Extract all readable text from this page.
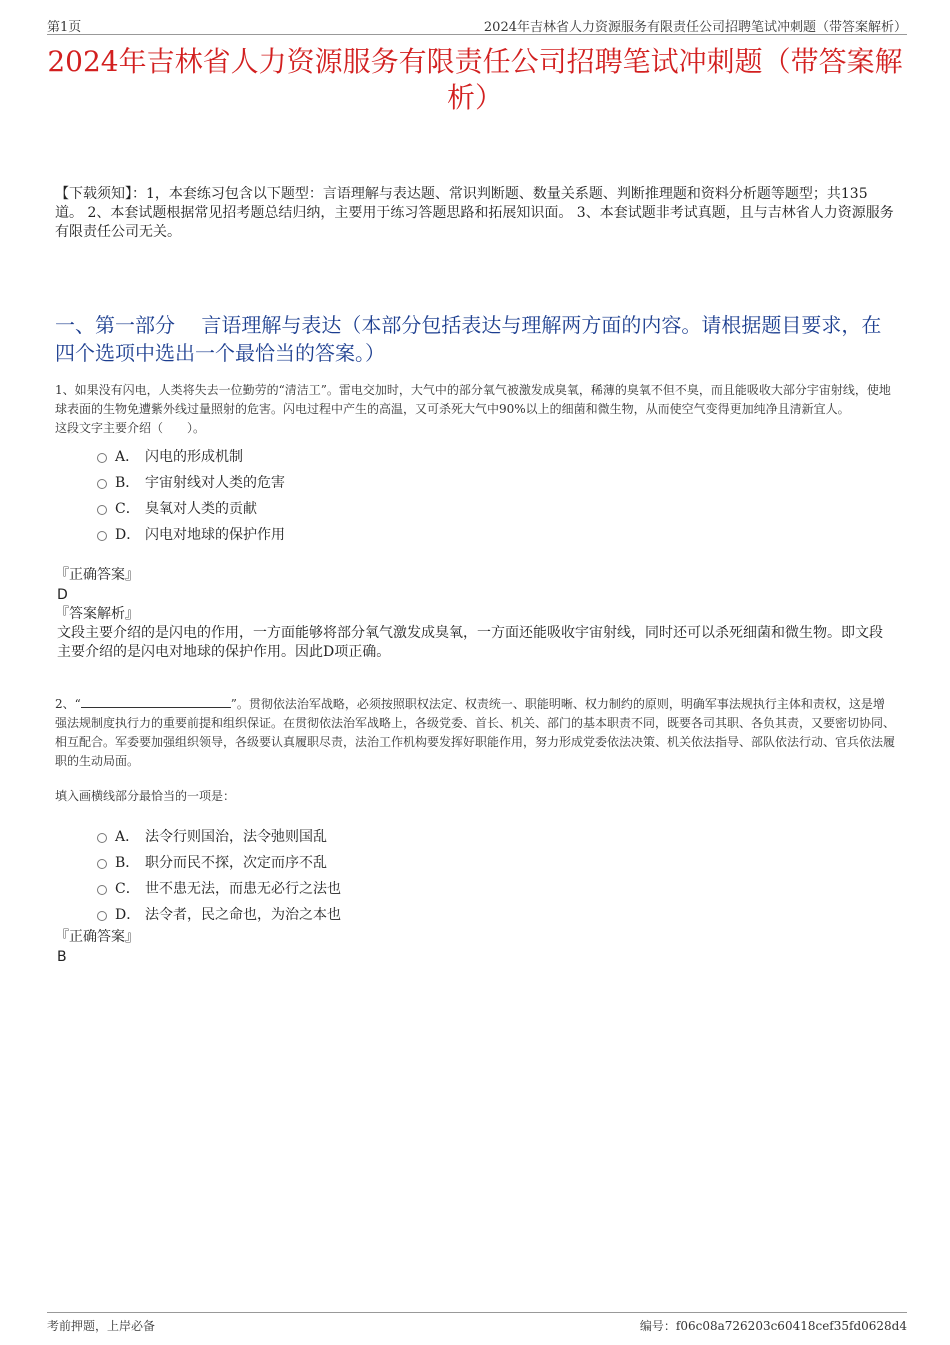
第1页	2024年吉林省人力资源服务有限责任公司招聘笔试冲刺题（带答案解析）
2024年吉林省人力资源服务有限责任公司招聘笔试冲刺题（带答案解析）
【下载须知】：1，本套练习包含以下题型：言语理解与表达题、常识判断题、数量关系题、判断推理题和资料分析题等题型；共135道。 2、本套试题根据常见招考题总结归纳，主要用于练习答题思路和拓展知识面。 3、本套试题非考试真题，且与吉林省人力资源服务有限责任公司无关。
一、第一部分　 言语理解与表达（本部分包括表达与理解两方面的内容。请根据题目要求，在四个选项中选出一个最恰当的答案。）
1、如果没有闪电，人类将失去一位勤劳的“清洁工”。雷电交加时，大气中的部分氧气被激发成臭氧，稀薄的臭氧不但不臭，而且能吸收大部分宇宙射线，使地球表面的生物免遭紫外线过量照射的危害。闪电过程中产生的高温，又可杀死大气中90%以上的细菌和微生物，从而使空气变得更加纯净且清新宜人。
这段文字主要介绍（　　）。
A． 闪电的形成机制
B． 宇宙射线对人类的危害
C． 臭氧对人类的贡献
D． 闪电对地球的保护作用
『正确答案』
D
『答案解析』
文段主要介绍的是闪电的作用，一方面能够将部分氧气激发成臭氧，一方面还能吸收宇宙射线，同时还可以杀死细菌和微生物。即文段主要介绍的是闪电对地球的保护作用。因此D项正确。
2、“	”。贯彻依法治军战略，必须按照职权法定、权责统一、职能明晰、权力制约的原则，明确军事法规执行主体和责权，这是增强法规制度执行力的重要前提和组织保证。在贯彻依法治军战略上，各级党委、首长、机关、部门的基本职责不同，既要各司其职、各负其责，又要密切协同、相互配合。军委要加强组织领导，各级要认真履职尽责，法治工作机构要发挥好职能作用，努力形成党委依法决策、机关依法指导、部队依法行动、官兵依法履职的生动局面。
填入画横线部分最恰当的一项是：
A． 法令行则国治，法令弛则国乱
B． 职分而民不探，次定而序不乱
C． 世不患无法，而患无必行之法也
D． 法令者，民之命也，为治之本也
『正确答案』
B
考前押题，上岸必备	编号：f06c08a726203c60418cef35fd0628d4
